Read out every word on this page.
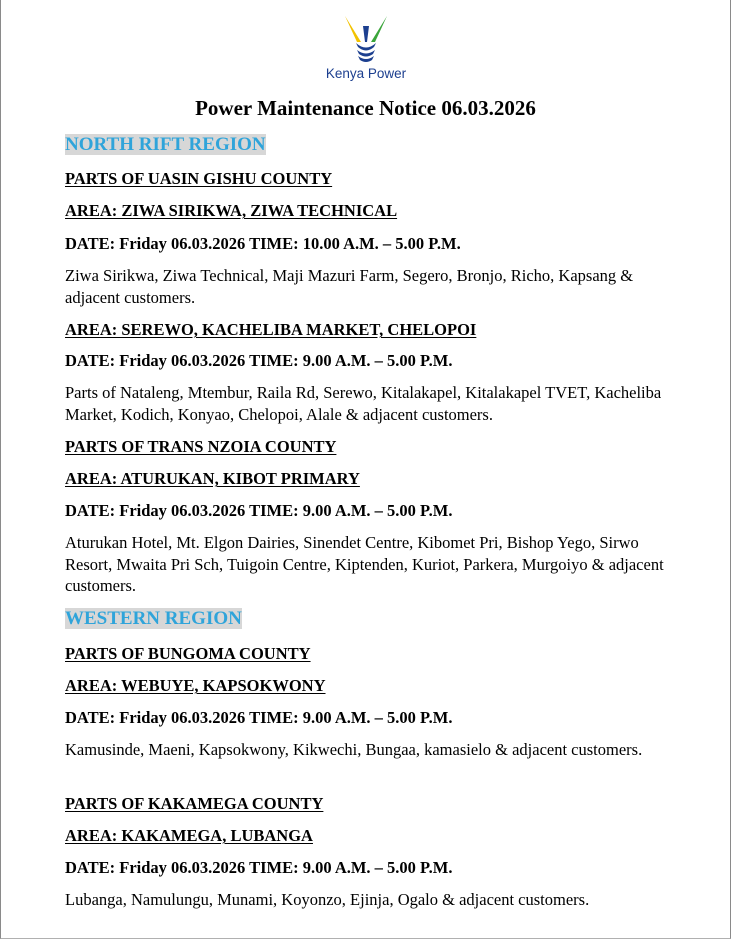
Kenya Power
Power Maintenance Notice 06.03.2026
NORTH RIFT REGION
PARTS OF UASIN GISHU COUNTY
AREA: ZIWA SIRIKWA, ZIWA TECHNICAL
DATE: Friday 06.03.2026 TIME: 10.00 A.M. – 5.00 P.M.
Ziwa Sirikwa, Ziwa Technical, Maji Mazuri Farm, Segero, Bronjo, Richo, Kapsang & adjacent customers.
AREA: SEREWO, KACHELIBA MARKET, CHELOPOI
DATE: Friday 06.03.2026 TIME: 9.00 A.M. – 5.00 P.M.
Parts of Nataleng, Mtembur, Raila Rd, Serewo, Kitalakapel, Kitalakapel TVET, Kacheliba Market, Kodich, Konyao, Chelopoi, Alale & adjacent customers.
PARTS OF TRANS NZOIA COUNTY
AREA: ATURUKAN, KIBOT PRIMARY
DATE: Friday 06.03.2026 TIME: 9.00 A.M. – 5.00 P.M.
Aturukan Hotel, Mt. Elgon Dairies, Sinendet Centre, Kibomet Pri, Bishop Yego, Sirwo Resort, Mwaita Pri Sch, Tuigoin Centre, Kiptenden, Kuriot, Parkera, Murgoiyo & adjacent customers.
WESTERN REGION
PARTS OF BUNGOMA COUNTY
AREA: WEBUYE, KAPSOKWONY
DATE: Friday 06.03.2026 TIME: 9.00 A.M. – 5.00 P.M.
Kamusinde, Maeni, Kapsokwony, Kikwechi, Bungaa, kamasielo & adjacent customers.
PARTS OF KAKAMEGA COUNTY
AREA: KAKAMEGA, LUBANGA
DATE: Friday 06.03.2026 TIME: 9.00 A.M. – 5.00 P.M.
Lubanga, Namulungu, Munami, Koyonzo, Ejinja, Ogalo & adjacent customers.
